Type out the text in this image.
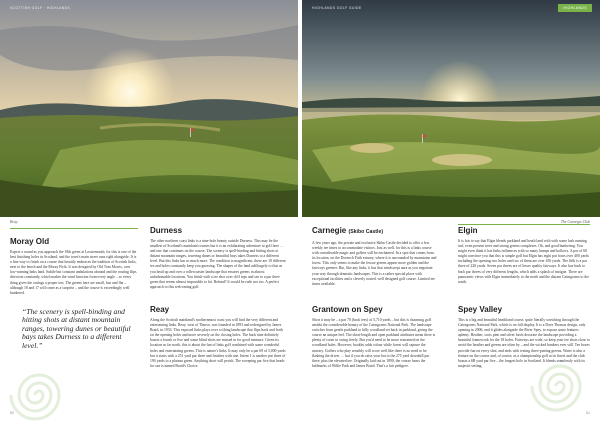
SCOTTISH GOLF · HIGHLANDS	HIGHLANDS GOLF GUIDE	HIGHLANDS
Reay	The Carnegie Club
Moray Old

Expect a round as you approach the 18th green at Lossiemouth, for this is one of the best finishing holes in Scotland, and the town's main street runs right alongside. It is a fine way to finish on a course that heartily embraces the tradition of Scottish links, next to the beach and the Moray Firth. It was designed by Old Tom Morris, over low-running links land. Subtle but constant undulations abound and the routing flips direction constantly, which makes the wind function from every angle – so every thing gives the outings a proper test. The greens here are small, fast and flat – although 18 and 17 will come as a surprise – and the course is exceedingly well bunkered.

“The scenery is spell-binding and hitting shots at distant mountain ranges, towering dunes or beautiful bays takes Durness to a different level.”
Durness

The other northern coast links is a nine-hole beauty outside Durness. This may be the smallest of Scotland's mainland courses but it is an exhilarating adventure to golf here … and one that continues on the course. The scenery is spell-binding and hitting shots at distant mountain ranges, towering dunes or beautiful bays takes Durness to a different level. But this links has so much more. The condition is magnificent, there are 18 different tee and holes constantly keep you guessing. The shapes of the land add hugely to that as you head up and over a rollercoaster landscape that ensures greens in almost unfathomable locations. You finish with a tee shot over cliff tops and sea to a par three green that seems almost impossible to hit. Refund? It would be rude not too. A perfect approach to this welcoming golf.

Reay

Along the Scottish mainland's northernmost coast you will find the very different and entertaining links. Reay, west of Thurso, was founded in 1893 and redesigned by James Braid, in 1933. This exposed links plays over a tilting landscape that flips back and forth on the opening holes and more severely on the closing holes. The back nine definitely boasts a fourth or five and some blind shots are missed in for good measure. Given its location as far north, this is about the fun of links golf combined with some wonderful holes and entertaining greens. This is nature's links. It may only be a par 69 of 5,000 yards but it starts with a 251 yard par three and finishes with one. Intent 1 is another par three of 190 yards to a plateau green. Anything short will perish. The sweeping par five that heads for sea is named Braid's Choice.

Carnegie (Skibo Castle)

A few years ago, the private and exclusive Skibo Castle decided to offer a few weekly tee times to accommodate visitors. Just as well, for this is a links course with considerable magic and golfers will be enchanted. In a spot that comes from its location, on the Dornoch Firth estuary, where it is surrounded by mountains and forest. This only seems to make the fescue greens appear more golden and the fairways greener. But, like any links, it has that windswept aura as you negotiate your way through dramatic landscapes. This is a rather special place with exceptional facilities and a cleverly routed, well designed golf course. Limited tee times available.

Grantown on Spey

Short it may be – a par 70 (back tees) of 5,710 yards – but this is charming golf amidst the considerable beauty of the Cairngorms National Park. The landscape switches from gentle parkland to hilly woodland set back in parkland, giving the course an unique feel. The short-length and open parkland attributes mean there is plenty of room to swing freely. But you'd need to be more restrained on the woodland holes. However, booklet adds colour while forest will capture the unwary. Golfers who play sensibly will score well like there is no need to be flashing the driver … but if you do raise your hat to the 275 yard downhill par three, plus the elevated tee. Originally laid out in 1890, the course bears the hallmarks of Willie Park and James Braid. That's a fair pedigree.

Elgin

It is fair to say that Elgin blends parkland and heath land with with some lush running turf, even present trees and strong greens complexes. Oh, and good bunkering. You might even think it has links influences with so many humps and hollows. A par of 68 might convince you that this is simple golf but Elgin has eight par fours over 400 yards including the opening two holes and two of them are over 450 yards. The fifth is a par three of 220 yards. Seven par threes are of lesser quality fairways. It also has back to back par threes of very different lengths, which adds a splash of intrigue. There are panoramic views with Elgin immediately to the north and the distant Cairngorms to the south.

Spey Valley

This is a big and beautiful heathland course, quite literally stretching through the Cairngorms National Park, which is on full display. It is a Dave Thomas design, only opening in 2006, and it glides alongside the River Spey, to expose some features aplenty. Heather, scots pine and silver birch decorate the landscape providing a beautiful framework for the 18 holes. Fairways are wide, so keep your tee shots close to avoid the heather and greens are often by – and the wicked bunkers ever still. Tee boxes provide fun on every shot, and ends with testing three-putting greens. Water is also a feature on the course and, of course, as a championship golf at its finest and the club boasts a 6R yard par five – the longest hole in Scotland. It blends seamlessly with its majestic setting.

60	61
